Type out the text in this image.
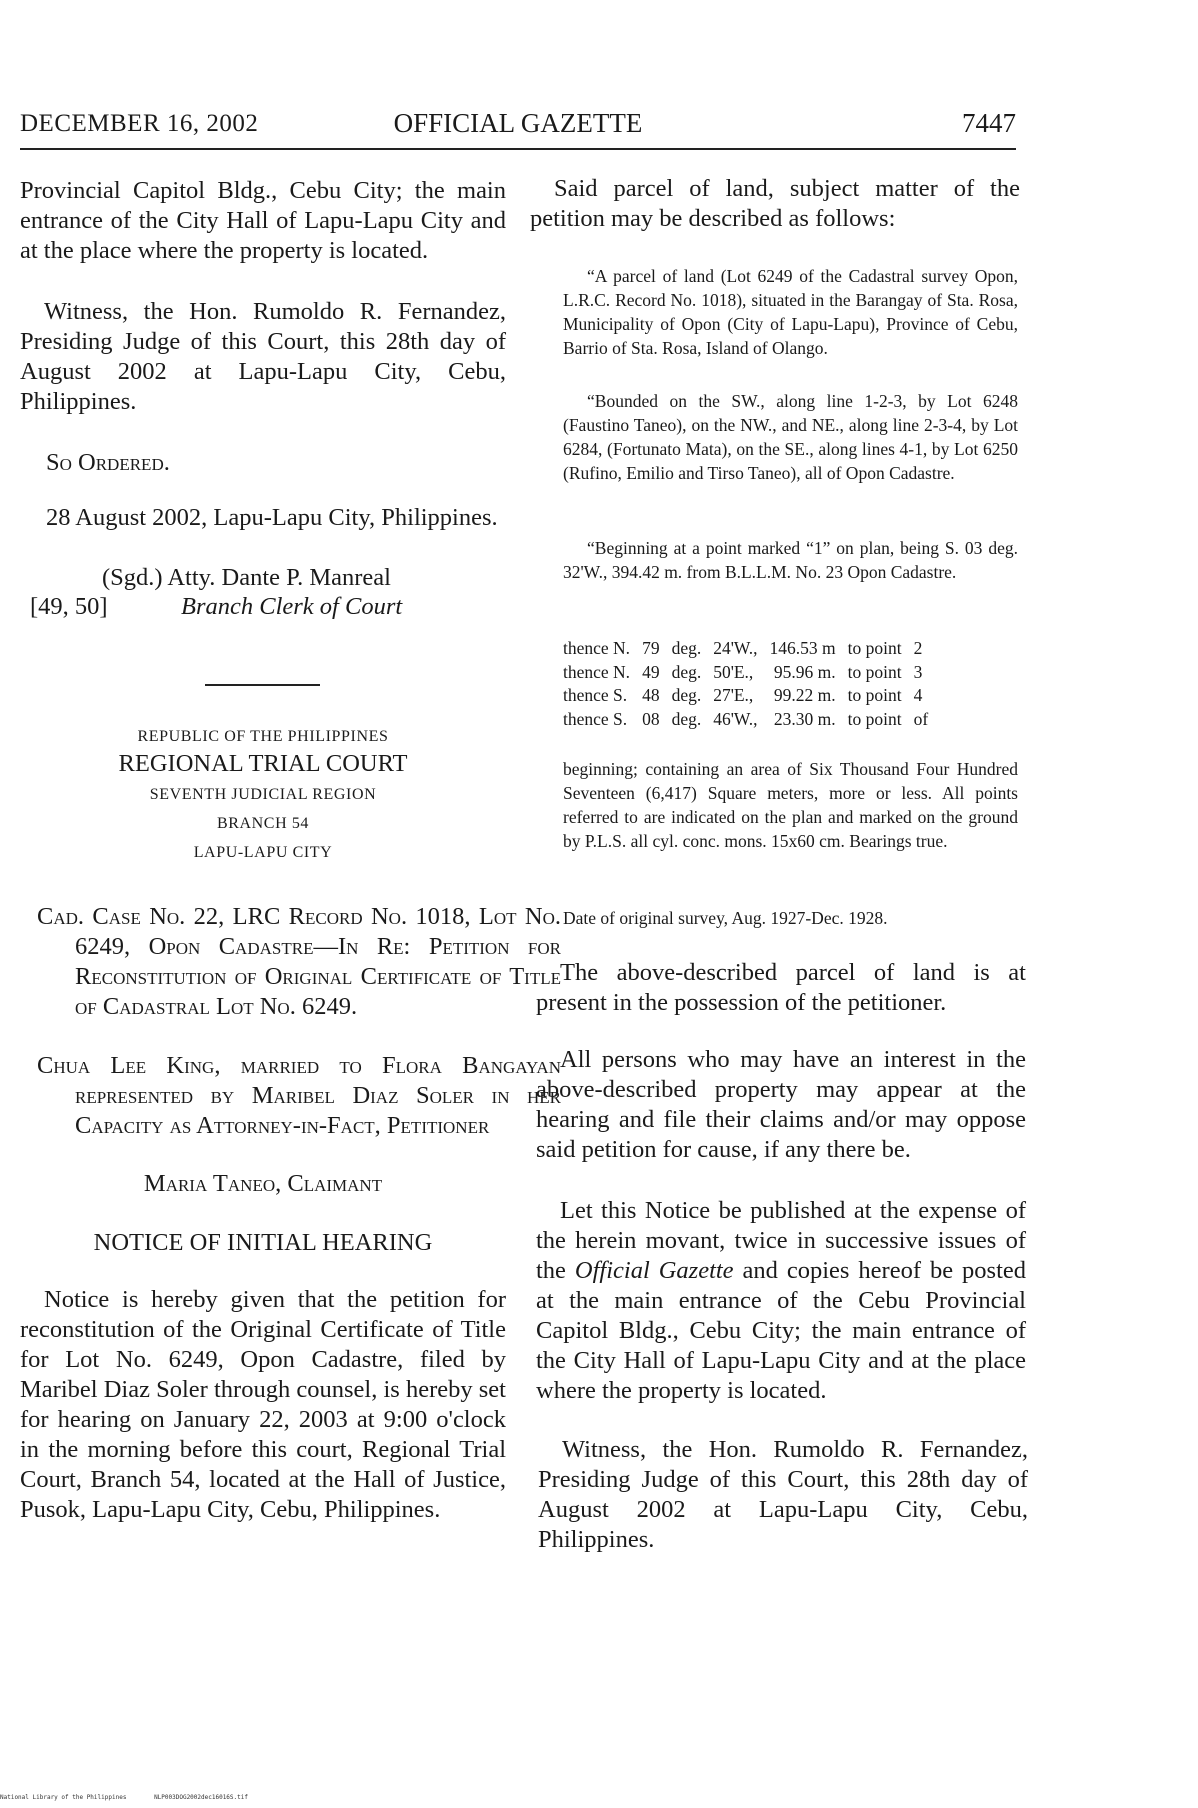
DECEMBER 16, 2002	OFFICIAL GAZETTE	7447
Provincial Capitol Bldg., Cebu City; the main entrance of the City Hall of Lapu-Lapu City and at the place where the property is located.
Witness, the Hon. Rumoldo R. Fernandez, Presiding Judge of this Court, this 28th day of August 2002 at Lapu-Lapu City, Cebu, Philippines.
So Ordered.
28 August 2002, Lapu-Lapu City, Philippines.
(Sgd.) Atty. Dante P. Manreal
[49, 50]	Branch Clerk of Court
REPUBLIC OF THE PHILIPPINES
REGIONAL TRIAL COURT
SEVENTH JUDICIAL REGION
BRANCH 54
LAPU-LAPU CITY
Cad. Case No. 22, LRC Record No. 1018, Lot No. 6249, Opon Cadastre—In Re: Petition for Reconstitution of Original Certificate of Title of Cadastral Lot No. 6249.
Chua Lee King, married to Flora Bangayan represented by Maribel Diaz Soler in her Capacity as Attorney-in-Fact, Petitioner
Maria Taneo, Claimant
NOTICE OF INITIAL HEARING
Notice is hereby given that the petition for reconstitution of the Original Certificate of Title for Lot No. 6249, Opon Cadastre, filed by Maribel Diaz Soler through counsel, is hereby set for hearing on January 22, 2003 at 9:00 o'clock in the morning before this court, Regional Trial Court, Branch 54, located at the Hall of Justice, Pusok, Lapu-Lapu City, Cebu, Philippines.
Said parcel of land, subject matter of the petition may be described as follows:
“A parcel of land (Lot 6249 of the Cadastral survey Opon, L.R.C. Record No. 1018), situated in the Barangay of Sta. Rosa, Municipality of Opon (City of Lapu-Lapu), Province of Cebu, Barrio of Sta. Rosa, Island of Olango.
“Bounded on the SW., along line 1-2-3, by Lot 6248 (Faustino Taneo), on the NW., and NE., along line 2-3-4, by Lot 6284, (Fortunato Mata), on the SE., along lines 4-1, by Lot 6250 (Rufino, Emilio and Tirso Taneo), all of Opon Cadastre.
“Beginning at a point marked “1” on plan, being S. 03 deg. 32'W., 394.42 m. from B.L.L.M. No. 23 Opon Cadastre.
thence N.	79	deg.	24'W.,	146.53 m	to point	2
thence N.	49	deg.	50'E.,	95.96 m.	to point	3
thence S.	48	deg.	27'E.,	99.22 m.	to point	4
thence S.	08	deg.	46'W.,	23.30 m.	to point	of
beginning; containing an area of Six Thousand Four Hundred Seventeen (6,417) Square meters, more or less. All points referred to are indicated on the plan and marked on the ground by P.L.S. all cyl. conc. mons. 15x60 cm. Bearings true.
Date of original survey, Aug. 1927-Dec. 1928.
The above-described parcel of land is at present in the possession of the petitioner.
All persons who may have an interest in the above-described property may appear at the hearing and file their claims and/or may oppose said petition for cause, if any there be.
Let this Notice be published at the expense of the herein movant, twice in successive issues of the Official Gazette and copies hereof be posted at the main entrance of the Cebu Provincial Capitol Bldg., Cebu City; the main entrance of the City Hall of Lapu-Lapu City and at the place where the property is located.
Witness, the Hon. Rumoldo R. Fernandez, Presiding Judge of this Court, this 28th day of August 2002 at Lapu-Lapu City, Cebu, Philippines.
National Library of the Philippines	NLP003DOG2002dec16016S.tif
